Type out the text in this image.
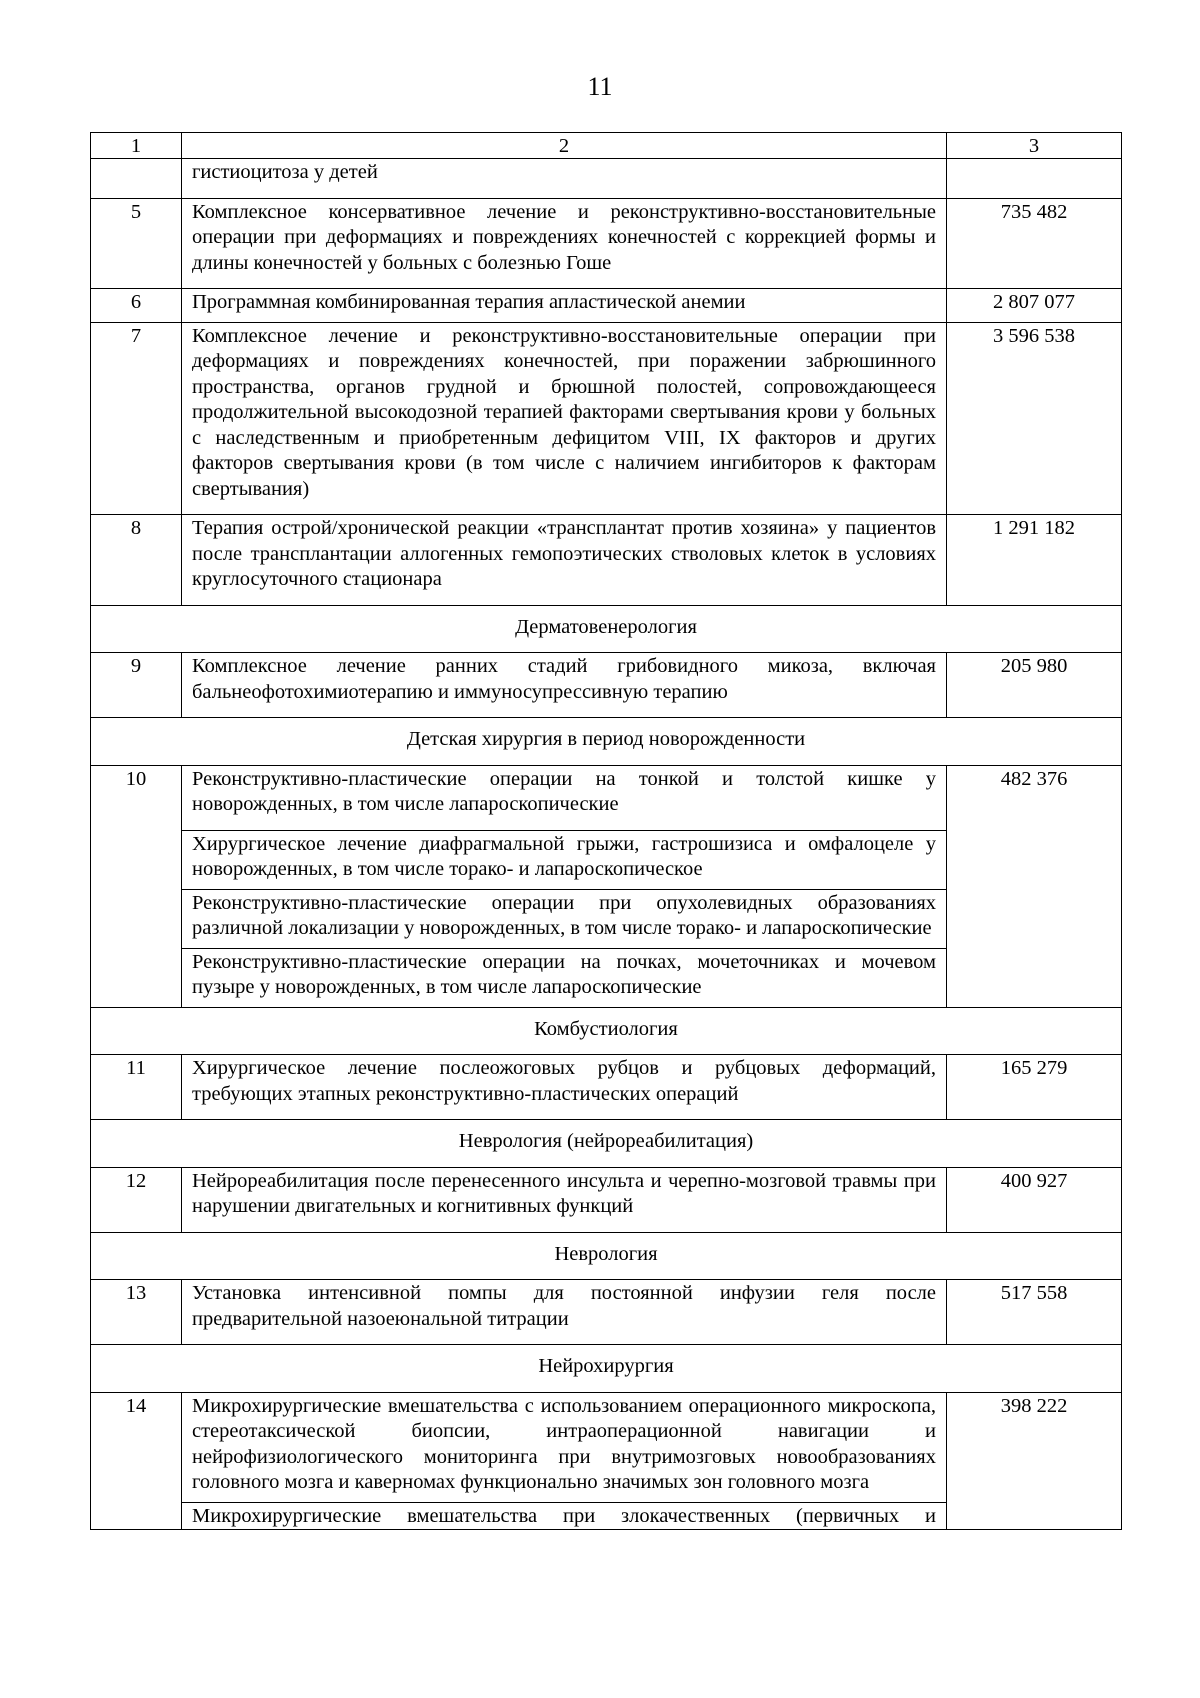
11
1	2	3
	гистиоцитоза у детей	
5	Комплексное консервативное лечение и реконструктивно-восстановительные операции при деформациях и повреждениях конечностей с коррекцией формы и длины конечностей у больных с болезнью Гоше	735 482
6	Программная комбинированная терапия апластической анемии	2 807 077
7	Комплексное лечение и реконструктивно-восстановительные операции при деформациях и повреждениях конечностей, при поражении забрюшинного пространства, органов грудной и брюшной полостей, сопровождающееся продолжительной высокодозной терапией факторами свертывания крови у больных с наследственным и приобретенным дефицитом VIII, IX факторов и других факторов свертывания крови (в том числе с наличием ингибиторов к факторам свертывания)	3 596 538
8	Терапия острой/хронической реакции «трансплантат против хозяина» у пациентов после трансплантации аллогенных гемопоэтических стволовых клеток в условиях круглосуточного стационара	1 291 182
Дерматовенерология		
9	Комплексное лечение ранних стадий грибовидного микоза, включая бальнеофотохимиотерапию и иммуносупрессивную терапию	205 980
Детская хирургия в период новорожденности		
10	Реконструктивно-пластические операции на тонкой и толстой кишке у новорожденных, в том числе лапароскопические	482 376
	Хирургическое лечение диафрагмальной грыжи, гастрошизиса и омфалоцеле у новорожденных, в том числе торако- и лапароскопическое	
	Реконструктивно-пластические операции при опухолевидных образованиях различной локализации у новорожденных, в том числе торако- и лапароскопические	
	Реконструктивно-пластические операции на почках, мочеточниках и мочевом пузыре у новорожденных, в том числе лапароскопические	
Комбустиология		
11	Хирургическое лечение послеожоговых рубцов и рубцовых деформаций, требующих этапных реконструктивно-пластических операций	165 279
Неврология (нейрореабилитация)		
12	Нейрореабилитация после перенесенного инсульта и черепно-мозговой травмы при нарушении двигательных и когнитивных функций	400 927
Неврология		
13	Установка интенсивной помпы для постоянной инфузии геля после предварительной назоеюнальной титрации	517 558
Нейрохирургия		
14	Микрохирургические вмешательства с использованием операционного микроскопа, стереотаксической биопсии, интраоперационной навигации и нейрофизиологического мониторинга при внутримозговых новообразованиях головного мозга и каверномах функционально значимых зон головного мозга	398 222
	Микрохирургические вмешательства при злокачественных (первичных и	
